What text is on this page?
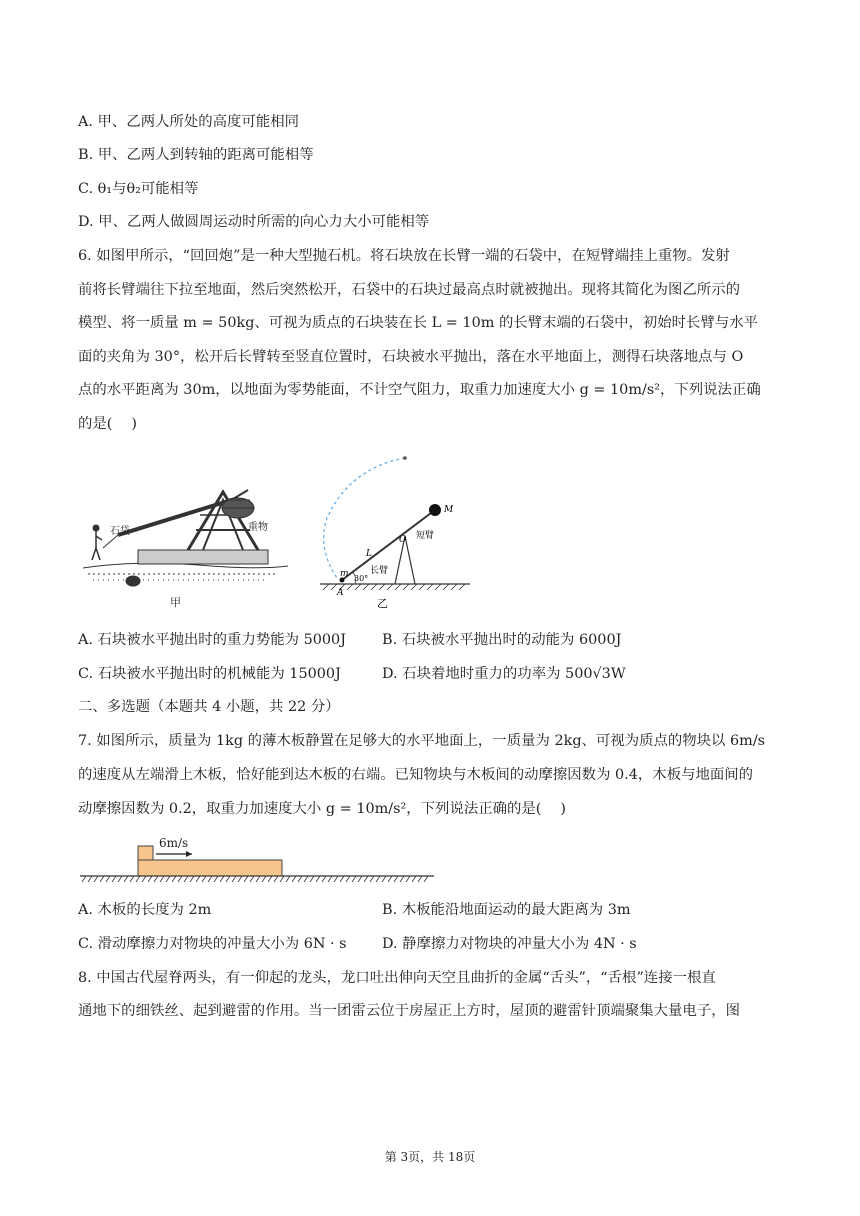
A. 甲、乙两人所处的高度可能相同
B. 甲、乙两人到转轴的距离可能相等
C. θ₁与θ₂可能相等
D. 甲、乙两人做圆周运动时所需的向心力大小可能相等
6. 如图甲所示，“回回炮”是一种大型抛石机。将石块放在长臂一端的石袋中，在短臂端挂上重物。发射
前将长臂端往下拉至地面，然后突然松开，石袋中的石块过最高点时就被抛出。现将其简化为图乙所示的
模型、将一质量 m = 50kg、可视为质点的石块装在长 L = 10m 的长臂末端的石袋中，初始时长臂与水平
面的夹角为 30°，松开后长臂转至竖直位置时，石块被水平抛出，落在水平地面上，测得石块落地点与 O
点的水平距离为 30m，以地面为零势能面，不计空气阻力，取重力加速度大小 g = 10m/s²，下列说法正确
的是(　 )
石袋	重物
甲
M
O 短臂
L
长臂
m 30°
A
乙
A. 石块被水平抛出时的重力势能为 5000J	B. 石块被水平抛出时的动能为 6000J
C. 石块被水平抛出时的机械能为 15000J	D. 石块着地时重力的功率为 500√3W
二、多选题（本题共 4 小题，共 22 分）
7. 如图所示，质量为 1kg 的薄木板静置在足够大的水平地面上，一质量为 2kg、可视为质点的物块以 6m/s
的速度从左端滑上木板，恰好能到达木板的右端。已知物块与木板间的动摩擦因数为 0.4，木板与地面间的
动摩擦因数为 0.2，取重力加速度大小 g = 10m/s²，下列说法正确的是(　 )
6m/s
A. 木板的长度为 2m	B. 木板能沿地面运动的最大距离为 3m
C. 滑动摩擦力对物块的冲量大小为 6N · s D. 静摩擦力对物块的冲量大小为 4N · s
8. 中国古代屋脊两头，有一仰起的龙头，龙口吐出伸向天空且曲折的金属“舌头”，“舌根”连接一根直
通地下的细铁丝、起到避雷的作用。当一团雷云位于房屋正上方时，屋顶的避雷针顶端聚集大量电子，图
第 3页，共 18页
